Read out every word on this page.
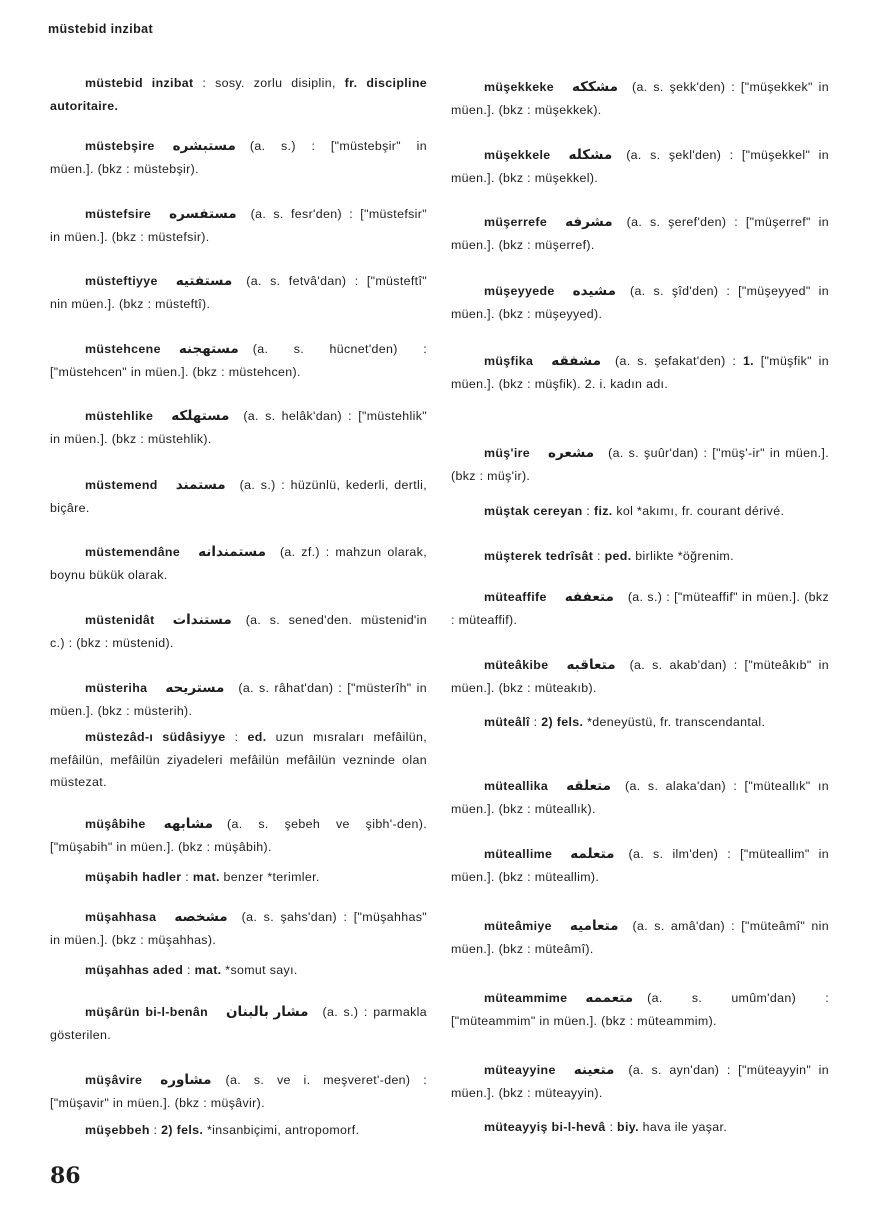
müstebid inzibat

müstebid inzibat : sosy. zorlu disiplin, fr. discipline autoritaire.

müstebşire مستبشره (a. s.) : ["müstebşir" in müen.]. (bkz : müstebşir).

müstefsire مستفسره (a. s. fesr'den) : ["müstefsir" in müen.]. (bkz : müstefsir).

müsteftiyye مستفتيه (a. s. fetvâ'dan) : ["müsteftî" nin müen.]. (bkz : müsteftî).

müstehcene مستهجنه (a. s. hücnet'den) : ["müstehcen" in müen.]. (bkz : müstehcen).

müstehlike مستهلكه (a. s. helâk'dan) : ["müstehlik" in müen.]. (bkz : müstehlik).

müstemend مستمند (a. s.) : hüzünlü, kederli, dertli, biçâre.

müstemendâne مستمندانه (a. zf.) : mahzun olarak, boynu bükük olarak.

müstenidât مستندات (a. s. sened'den. müstenid'in c.) : (bkz : müstenid).

müsteriha مستريحه (a. s. râhat'dan) : ["müsterîh" in müen.]. (bkz : müsterih).

müstezâd-ı südâsiyye : ed. uzun mısraları mefâilün, mefâilün, mefâilün ziyadeleri mefâilün mefâilün vezninde olan müstezat.

müşâbihe مشابهه (a. s. şebeh ve şibh'-den). ["müşabih" in müen.]. (bkz : müşâbih).

müşabih hadler : mat. benzer *terimler.

müşahhasa مشخصه (a. s. şahs'dan) : ["müşahhas" in müen.]. (bkz : müşahhas).

müşahhas aded : mat. *somut sayı.

müşârün bi-l-benân مشار بالبنان (a. s.) : parmakla gösterilen.

müşâvire مشاوره (a. s. ve i. meşveret'-den) : ["müşavir" in müen.]. (bkz : müşâvir).

müşebbeh : 2) fels. *insanbiçimi, antropomorf.

müşekkeke مشككه (a. s. şekk'den) : ["müşekkek" in müen.]. (bkz : müşekkek).

müşekkele مشكله (a. s. şekl'den) : ["müşekkel" in müen.]. (bkz : müşekkel).

müşerrefe مشرفه (a. s. şeref'den) : ["müşerref" in müen.]. (bkz : müşerref).

müşeyyede مشيده (a. s. şîd'den) : ["müşeyyed" in müen.]. (bkz : müşeyyed).

müşfika مشفقه (a. s. şefakat'den) : 1. ["müşfik" in müen.]. (bkz : müşfik). 2. i. kadın adı.

müş'ire مشعره (a. s. şuûr'dan) : ["müş'-ir" in müen.]. (bkz : müş'ir).

müştak cereyan : fiz. kol *akımı, fr. courant dérivé.

müşterek tedrîsât : ped. birlikte *öğrenim.

müteaffife متعففه (a. s.) : ["müteaffif" in müen.]. (bkz : müteaffif).

müteâkibe متعاقبه (a. s. akab'dan) : ["müteâkıb" in müen.]. (bkz : müteakıb).

müteâlî : 2) fels. *deneyüstü, fr. transcendantal.

müteallika متعلقه (a. s. alaka'dan) : ["müteallık" ın müen.]. (bkz : müteallık).

müteallime متعلمه (a. s. ilm'den) : ["müteallim" in müen.]. (bkz : müteallim).

müteâmiye متعاميه (a. s. amâ'dan) : ["müteâmî" nin müen.]. (bkz : müteâmî).

müteammime متعممه (a. s. umûm'dan) : ["müteammim" in müen.]. (bkz : müteammim).

müteayyine متعينه (a. s. ayn'dan) : ["müteayyin" in müen.]. (bkz : müteayyin).

müteayyiş bi-l-hevâ : biy. hava ile yaşar.

86
